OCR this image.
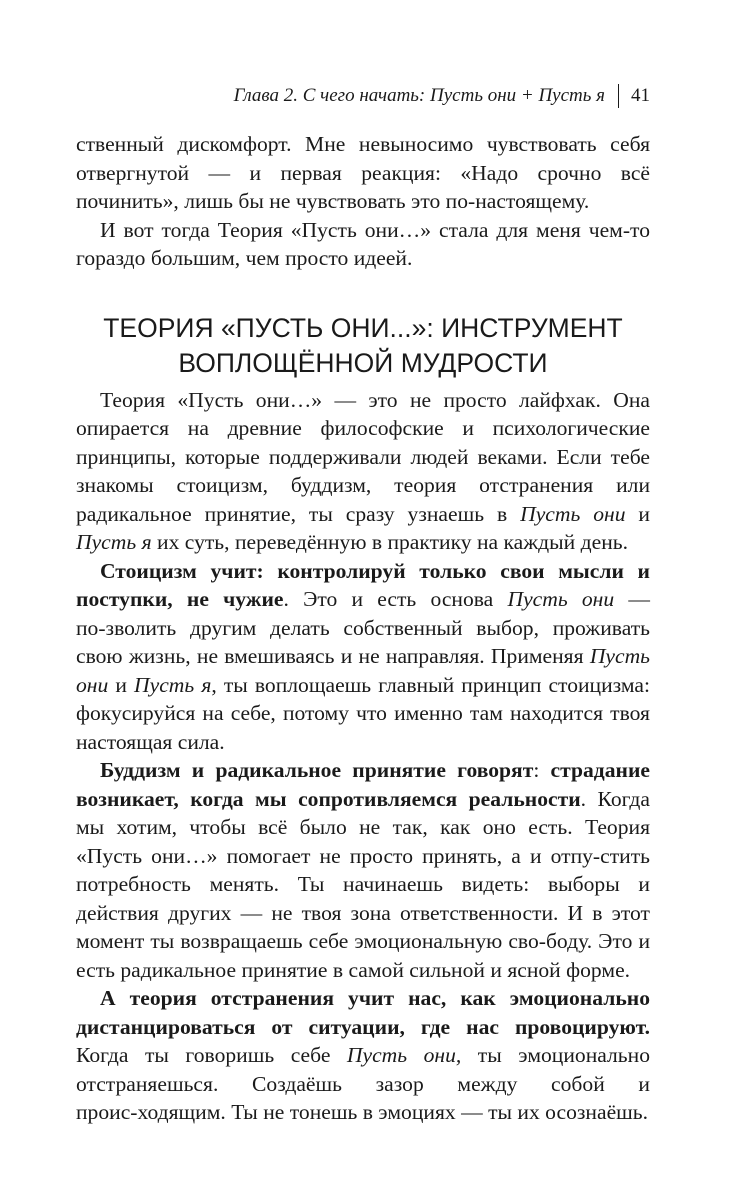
Глава 2. С чего начать: Пусть они + Пусть я 41

ственный дискомфорт. Мне невыносимо чувствовать себя отвергнутой — и первая реакция: «Надо срочно всё починить», лишь бы не чувствовать это по‑настоящему.

И вот тогда Теория «Пусть они…» стала для меня чем‑то гораздо большим, чем просто идеей.

ТЕОРИЯ «ПУСТЬ ОНИ...»: ИНСТРУМЕНТ
ВОПЛОЩЁННОЙ МУДРОСТИ

Теория «Пусть они…» — это не просто лайфхак. Она опирается на древние философские и психологические принципы, которые поддерживали людей веками. Если тебе знакомы стоицизм, буддизм, теория отстранения или радикальное принятие, ты сразу узнаешь в Пусть они и Пусть я их суть, переведённую в практику на каждый день.

Стоицизм учит: контролируй только свои мысли и поступки, не чужие. Это и есть основа Пусть они — по‑зволить другим делать собственный выбор, проживать свою жизнь, не вмешиваясь и не направляя. Применяя Пусть они и Пусть я, ты воплощаешь главный принцип стоицизма: фокусируйся на себе, потому что именно там находится твоя настоящая сила.

Буддизм и радикальное принятие говорят: страдание возникает, когда мы сопротивляемся реальности. Когда мы хотим, чтобы всё было не так, как оно есть. Теория «Пусть они…» помогает не просто принять, а и отпу‑стить потребность менять. Ты начинаешь видеть: выборы и действия других — не твоя зона ответственности. И в этот момент ты возвращаешь себе эмоциональную сво‑боду. Это и есть радикальное принятие в самой сильной и ясной форме.

А теория отстранения учит нас, как эмоционально дистанцироваться от ситуации, где нас провоцируют. Когда ты говоришь себе Пусть они, ты эмоционально отстраняешься. Создаёшь зазор между собой и проис‑ходящим. Ты не тонешь в эмоциях — ты их осознаёшь.
